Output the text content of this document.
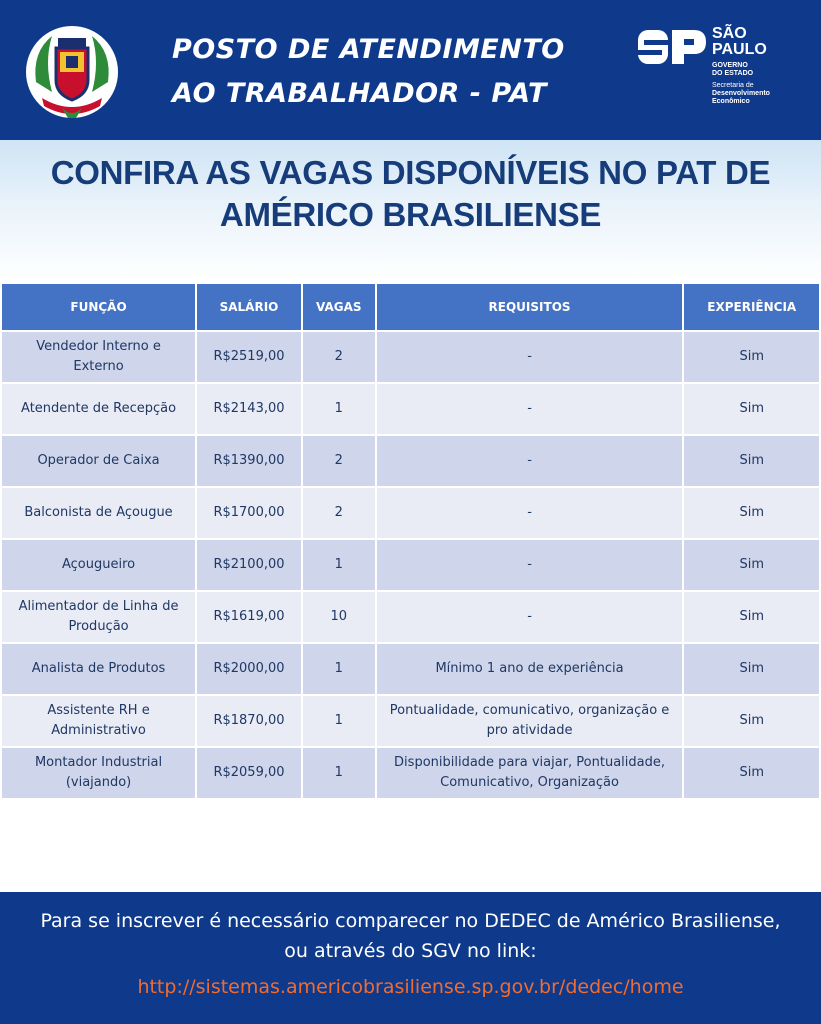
POSTO DE ATENDIMENTO
AO TRABALHADOR - PAT
SÃO
PAULO
GOVERNO
DO ESTADO
Secretaria de
Desenvolvimento
Econômico
CONFIRA AS VAGAS DISPONÍVEIS NO PAT DE
AMÉRICO BRASILIENSE
FUNÇÃO	SALÁRIO	VAGAS	REQUISITOS	EXPERIÊNCIA
Vendedor Interno e Externo	R$2519,00	2	-	Sim
Atendente de Recepção	R$2143,00	1	-	Sim
Operador de Caixa	R$1390,00	2	-	Sim
Balconista de Açougue	R$1700,00	2	-	Sim
Açougueiro	R$2100,00	1	-	Sim
Alimentador de Linha de Produção	R$1619,00	10	-	Sim
Analista de Produtos	R$2000,00	1	Mínimo 1 ano de experiência	Sim
Assistente RH e Administrativo	R$1870,00	1	Pontualidade, comunicativo, organização e pro atividade	Sim
Montador Industrial (viajando)	R$2059,00	1	Disponibilidade para viajar, Pontualidade, Comunicativo, Organização	Sim
Para se inscrever é necessário comparecer no DEDEC de Américo Brasiliense,
ou através do SGV no link:
http://sistemas.americobrasiliense.sp.gov.br/dedec/home
